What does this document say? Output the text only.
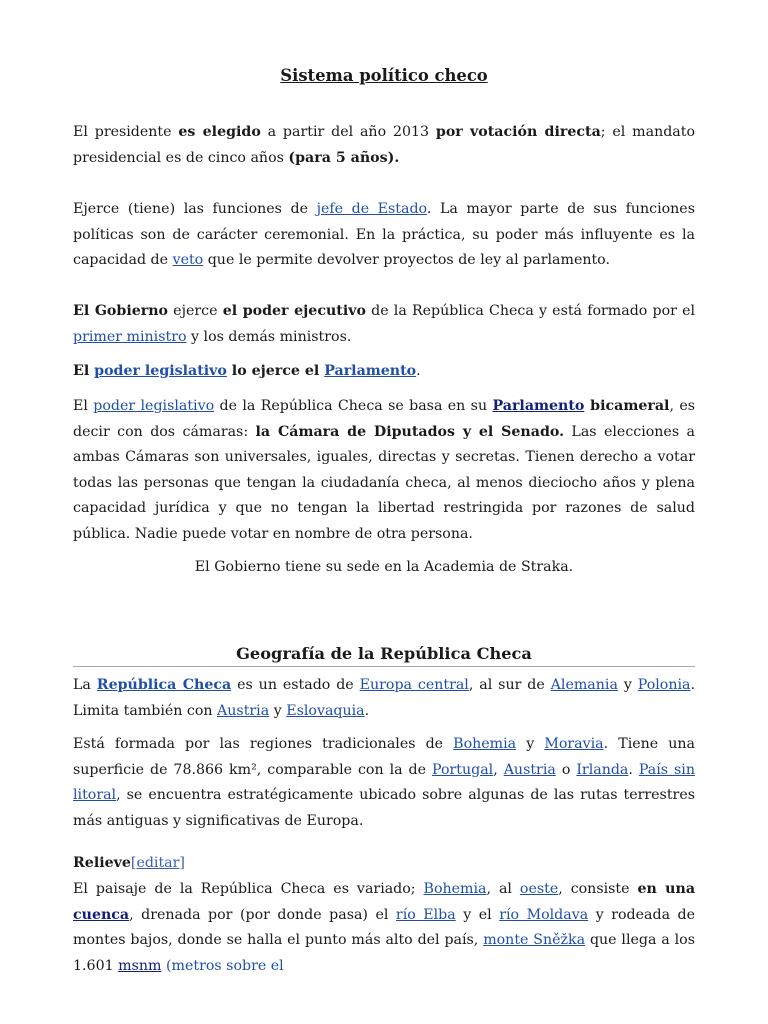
Sistema político checo

El presidente es elegido a partir del año 2013 por votación directa; el mandato presidencial es de cinco años (para 5 años).

Ejerce (tiene) las funciones de jefe de Estado. La mayor parte de sus funciones políticas son de carácter ceremonial. En la práctica, su poder más influyente es la capacidad de veto que le permite devolver proyectos de ley al parlamento.

El Gobierno ejerce el poder ejecutivo de la República Checa y está formado por el primer ministro y los demás ministros.

El poder legislativo lo ejerce el Parlamento.

El poder legislativo de la República Checa se basa en su Parlamento bicameral, es decir con dos cámaras: la Cámara de Diputados y el Senado. Las elecciones a ambas Cámaras son universales, iguales, directas y secretas. Tienen derecho a votar todas las personas que tengan la ciudadanía checa, al menos dieciocho años y plena capacidad jurídica y que no tengan la libertad restringida por razones de salud pública. Nadie puede votar en nombre de otra persona.

El Gobierno tiene su sede en la Academia de Straka.

Geografía de la República Checa

La República Checa es un estado de Europa central, al sur de Alemania y Polonia. Limita también con Austria y Eslovaquia.

Está formada por las regiones tradicionales de Bohemia y Moravia. Tiene una superficie de 78.866 km², comparable con la de Portugal, Austria o Irlanda. País sin litoral, se encuentra estratégicamente ubicado sobre algunas de las rutas terrestres más antiguas y significativas de Europa.

Relieve[editar]

El paisaje de la República Checa es variado; Bohemia, al oeste, consiste en una cuenca, drenada por (por donde pasa) el río Elba y el río Moldava y rodeada de montes bajos, donde se halla el punto más alto del país, monte Sněžka que llega a los 1.601 msnm (metros sobre el
